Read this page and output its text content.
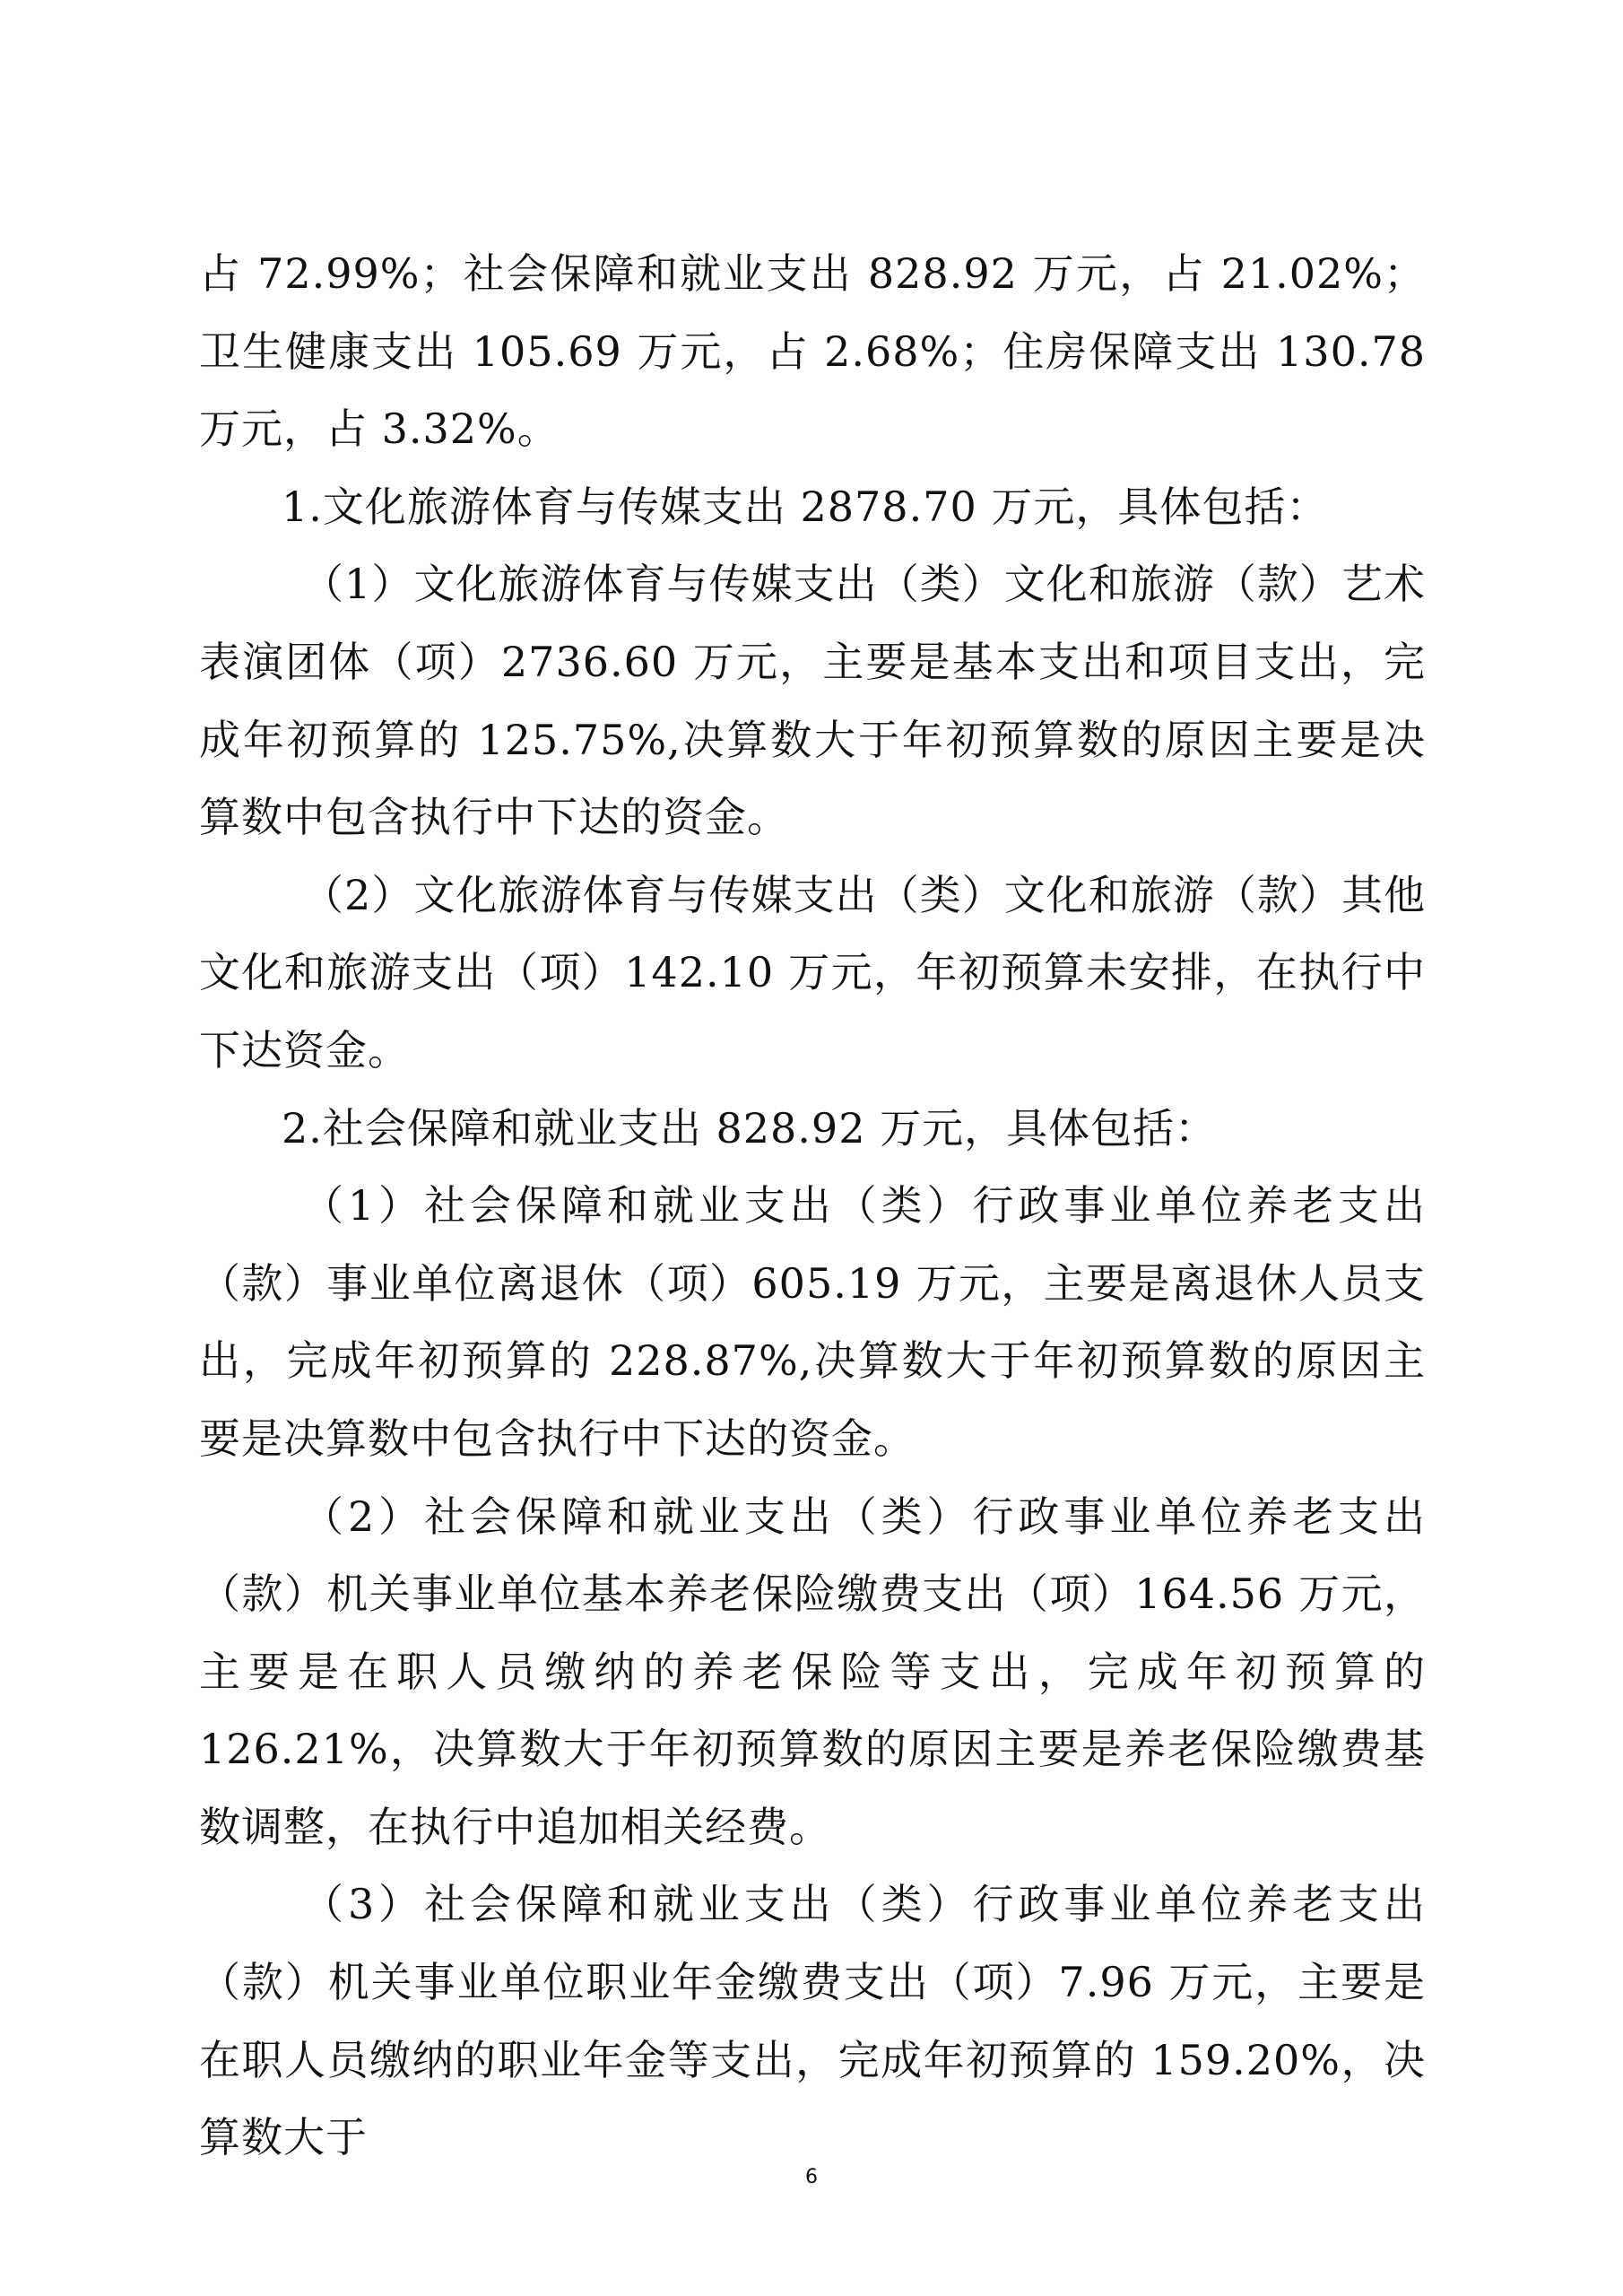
占 72.99%；社会保障和就业支出 828.92 万元，占 21.02%；卫生健康支出 105.69 万元，占 2.68%；住房保障支出 130.78 万元，占 3.32%。

1.文化旅游体育与传媒支出 2878.70 万元，具体包括：

（1）文化旅游体育与传媒支出（类）文化和旅游（款）艺术表演团体（项）2736.60 万元，主要是基本支出和项目支出，完成年初预算的 125.75%,决算数大于年初预算数的原因主要是决算数中包含执行中下达的资金。

（2）文化旅游体育与传媒支出（类）文化和旅游（款）其他文化和旅游支出（项）142.10 万元，年初预算未安排，在执行中下达资金。

2.社会保障和就业支出 828.92 万元，具体包括：

（1）社会保障和就业支出（类）行政事业单位养老支出（款）事业单位离退休（项）605.19 万元，主要是离退休人员支出，完成年初预算的 228.87%,决算数大于年初预算数的原因主要是决算数中包含执行中下达的资金。

（2）社会保障和就业支出（类）行政事业单位养老支出（款）机关事业单位基本养老保险缴费支出（项）164.56 万元，主要是在职人员缴纳的养老保险等支出，完成年初预算的 126.21%，决算数大于年初预算数的原因主要是养老保险缴费基数调整，在执行中追加相关经费。

（3）社会保障和就业支出（类）行政事业单位养老支出（款）机关事业单位职业年金缴费支出（项）7.96 万元，主要是在职人员缴纳的职业年金等支出，完成年初预算的 159.20%，决算数大于

6
